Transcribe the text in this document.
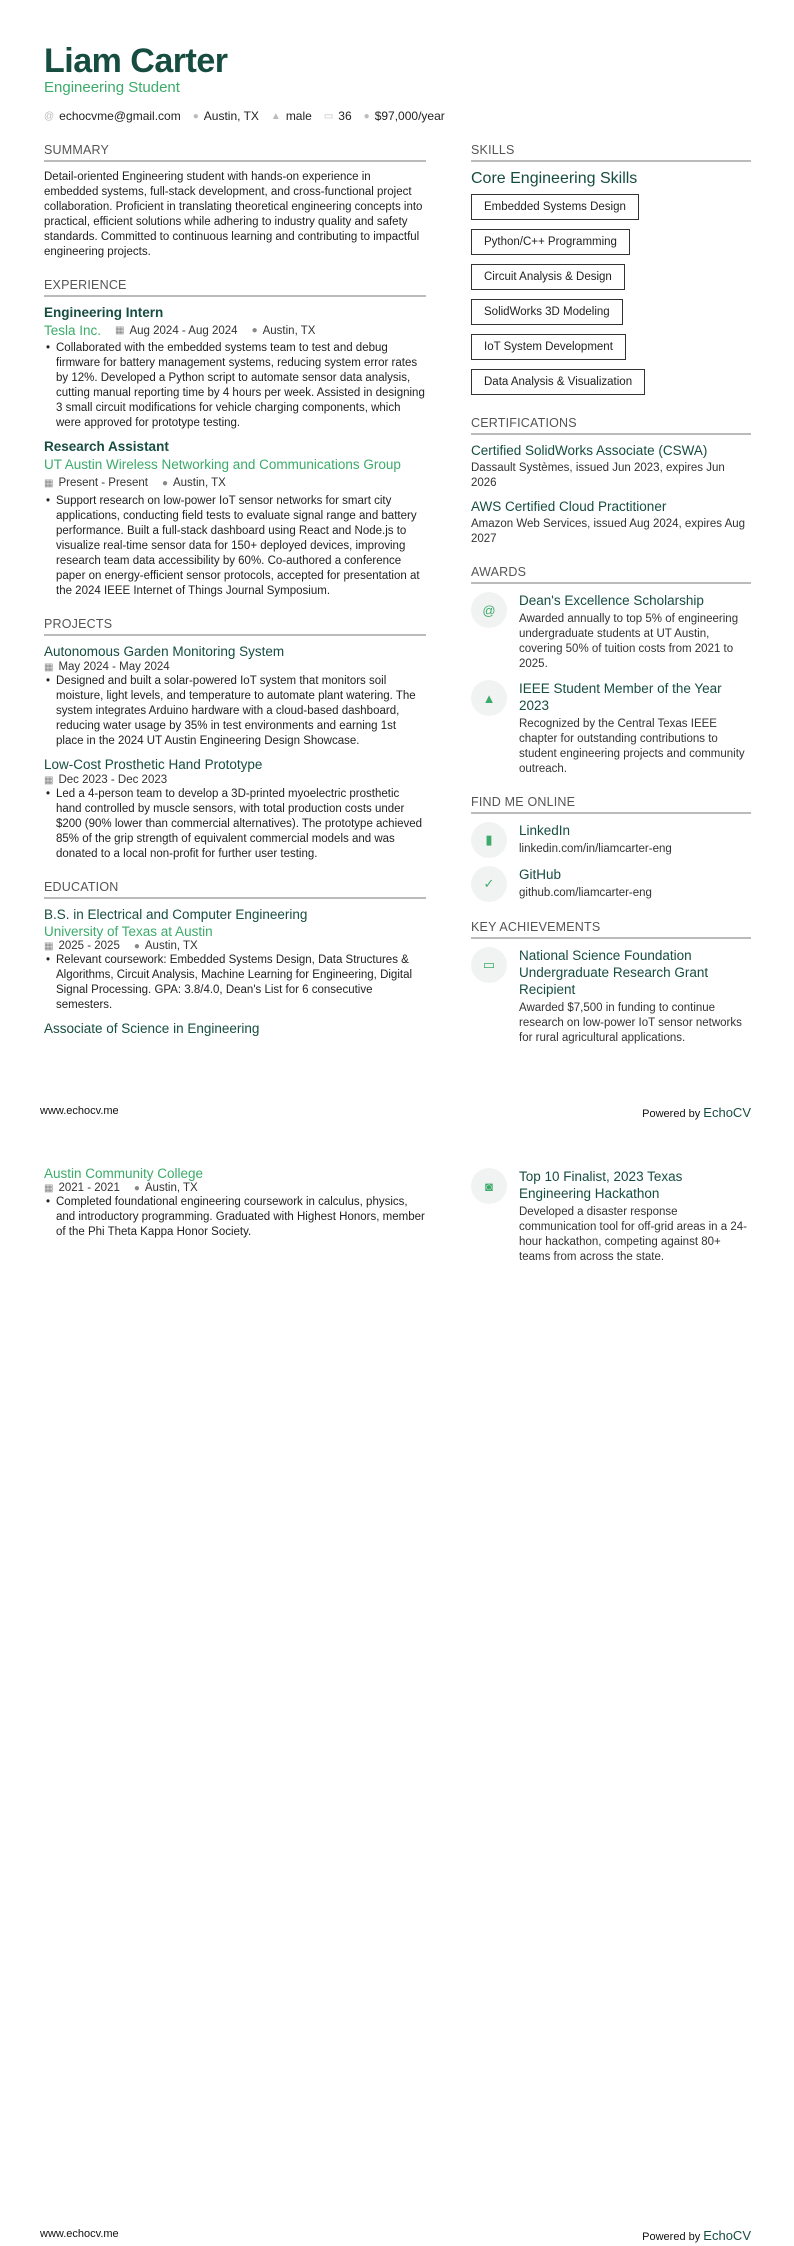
Liam Carter
Engineering Student
@ echocvme@gmail.com ● Austin, TX ▲ male ▭ 36 ● $97,000/year
SUMMARY
Detail-oriented Engineering student with hands-on experience in embedded systems, full-stack development, and cross-functional project collaboration. Proficient in translating theoretical engineering concepts into practical, efficient solutions while adhering to industry quality and safety standards. Committed to continuous learning and contributing to impactful engineering projects.
EXPERIENCE
Engineering Intern
Tesla Inc. ▦ Aug 2024 - Aug 2024 ● Austin, TX
• Collaborated with the embedded systems team to test and debug firmware for battery management systems, reducing system error rates by 12%. Developed a Python script to automate sensor data analysis, cutting manual reporting time by 4 hours per week. Assisted in designing 3 small circuit modifications for vehicle charging components, which were approved for prototype testing.
Research Assistant
UT Austin Wireless Networking and Communications Group
▦ Present - Present ● Austin, TX
• Support research on low-power IoT sensor networks for smart city applications, conducting field tests to evaluate signal range and battery performance. Built a full-stack dashboard using React and Node.js to visualize real-time sensor data for 150+ deployed devices, improving research team data accessibility by 60%. Co-authored a conference paper on energy-efficient sensor protocols, accepted for presentation at the 2024 IEEE Internet of Things Journal Symposium.
PROJECTS
Autonomous Garden Monitoring System
▦ May 2024 - May 2024
• Designed and built a solar-powered IoT system that monitors soil moisture, light levels, and temperature to automate plant watering. The system integrates Arduino hardware with a cloud-based dashboard, reducing water usage by 35% in test environments and earning 1st place in the 2024 UT Austin Engineering Design Showcase.
Low-Cost Prosthetic Hand Prototype
▦ Dec 2023 - Dec 2023
• Led a 4-person team to develop a 3D-printed myoelectric prosthetic hand controlled by muscle sensors, with total production costs under $200 (90% lower than commercial alternatives). The prototype achieved 85% of the grip strength of equivalent commercial models and was donated to a local non-profit for further user testing.
EDUCATION
B.S. in Electrical and Computer Engineering
University of Texas at Austin
▦ 2025 - 2025 ● Austin, TX
• Relevant coursework: Embedded Systems Design, Data Structures & Algorithms, Circuit Analysis, Machine Learning for Engineering, Digital Signal Processing. GPA: 3.8/4.0, Dean's List for 6 consecutive semesters.
Associate of Science in Engineering
SKILLS
Core Engineering Skills
Embedded Systems Design
Python/C++ Programming
Circuit Analysis & Design
SolidWorks 3D Modeling
IoT System Development
Data Analysis & Visualization
CERTIFICATIONS
Certified SolidWorks Associate (CSWA)
Dassault Systèmes, issued Jun 2023, expires Jun 2026
AWS Certified Cloud Practitioner
Amazon Web Services, issued Aug 2024, expires Aug 2027
AWARDS
@
Dean's Excellence Scholarship
Awarded annually to top 5% of engineering undergraduate students at UT Austin, covering 50% of tuition costs from 2021 to 2025.
▲
IEEE Student Member of the Year 2023
Recognized by the Central Texas IEEE chapter for outstanding contributions to student engineering projects and community outreach.
FIND ME ONLINE
▮
LinkedIn
linkedin.com/in/liamcarter-eng
✓
GitHub
github.com/liamcarter-eng
KEY ACHIEVEMENTS
▭
National Science Foundation Undergraduate Research Grant Recipient
Awarded $7,500 in funding to continue research on low-power IoT sensor networks for rural agricultural applications.
www.echocv.me	Powered by EchoCV
Austin Community College
▦ 2021 - 2021 ● Austin, TX
• Completed foundational engineering coursework in calculus, physics, and introductory programming. Graduated with Highest Honors, member of the Phi Theta Kappa Honor Society.
◙
Top 10 Finalist, 2023 Texas Engineering Hackathon
Developed a disaster response communication tool for off-grid areas in a 24-hour hackathon, competing against 80+ teams from across the state.
www.echocv.me	Powered by EchoCV
